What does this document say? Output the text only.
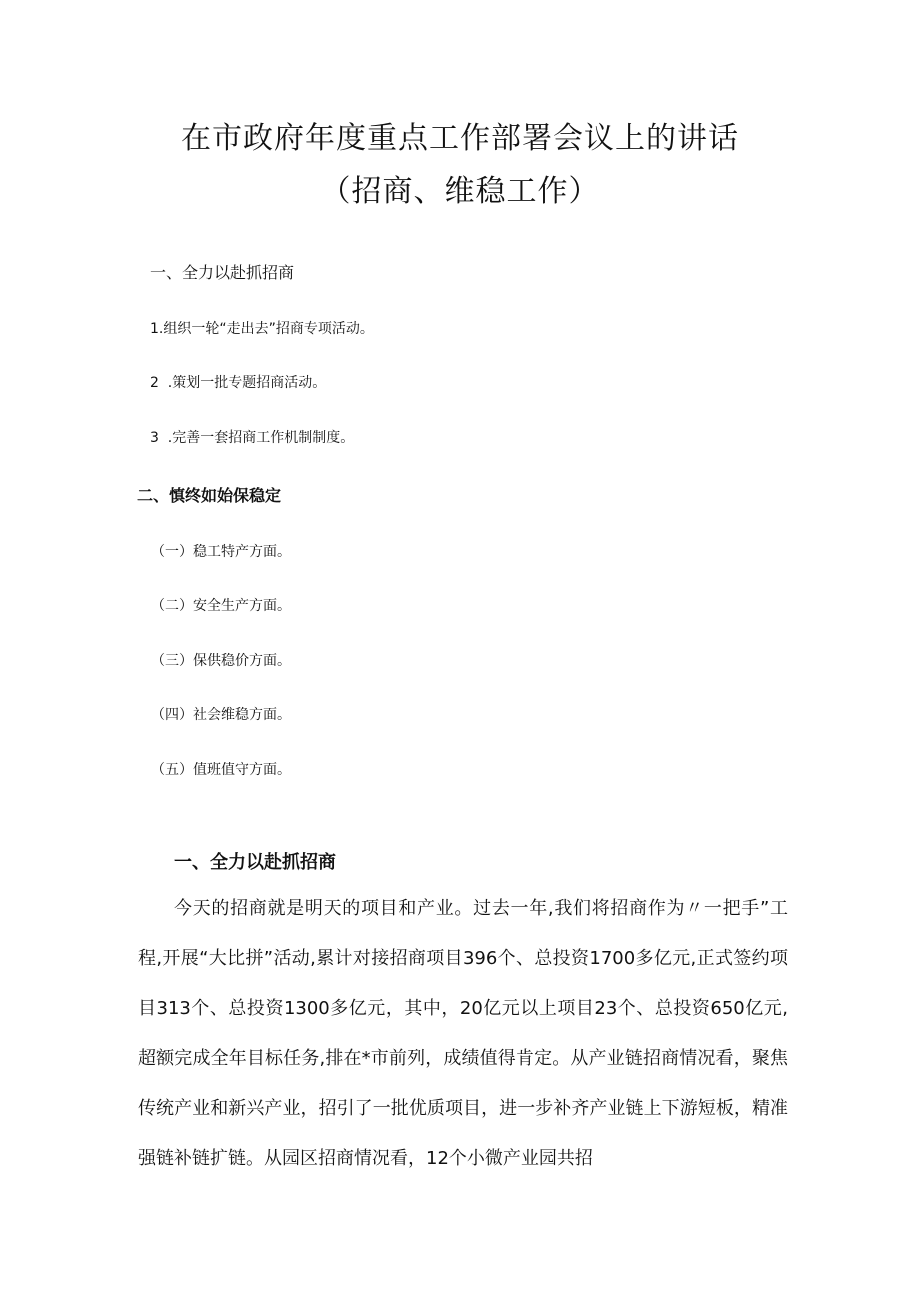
在市政府年度重点工作部署会议上的讲话
（招商、维稳工作）
一、全力以赴抓招商
1.组织一轮“走出去”招商专项活动。
2  .策划一批专题招商活动。
3  .完善一套招商工作机制制度。
二、慎终如始保稳定
（一）稳工特产方面。
（二）安全生产方面。
（三）保供稳价方面。
（四）社会维稳方面。
（五）值班值守方面。
一、全力以赴抓招商
今天的招商就是明天的项目和产业。过去一年,我们将招商作为〃一把手”工程,开展“大比拼”活动,累计对接招商项目396个、总投资1700多亿元,正式签约项目313个、总投资1300多亿元，其中，20亿元以上项目23个、总投资650亿元,超额完成全年目标任务,排在*市前列，成绩值得肯定。从产业链招商情况看，聚焦传统产业和新兴产业，招引了一批优质项目，进一步补齐产业链上下游短板，精准强链补链扩链。从园区招商情况看，12个小微产业园共招
